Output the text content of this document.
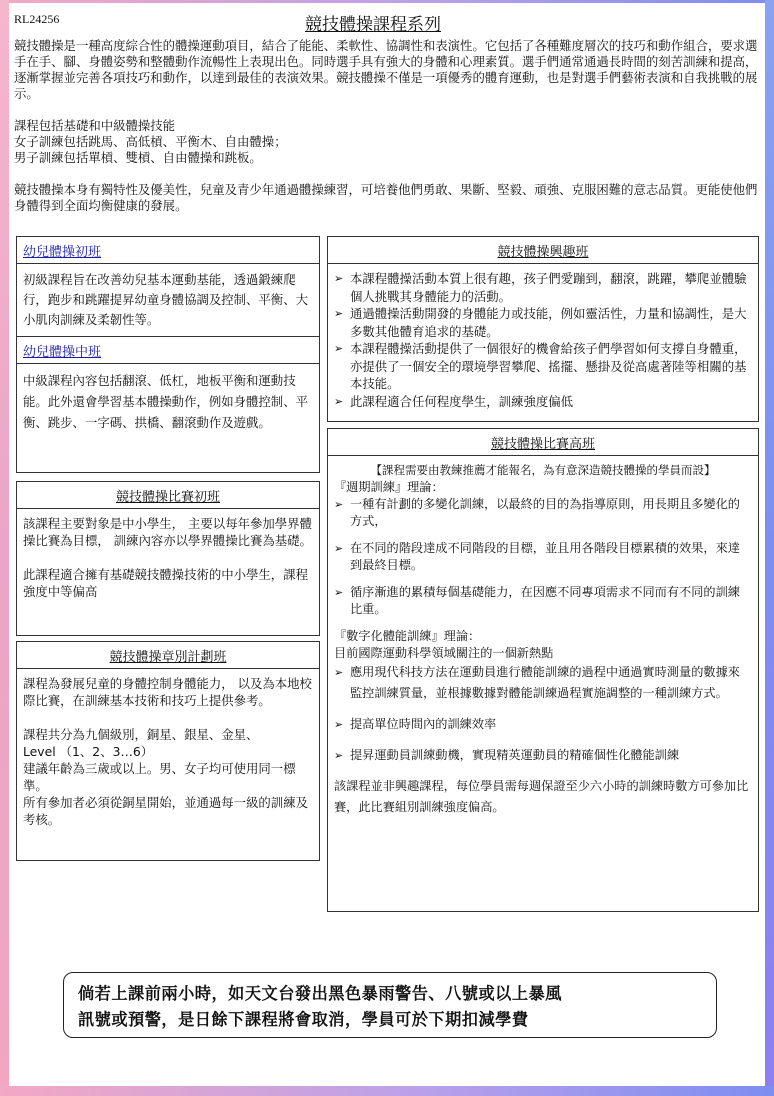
RL24256	競技體操課程系列

競技體操是一種高度綜合性的體操運動項目，結合了能能、柔軟性、協調性和表演性。它包括了各種難度層次的技巧和動作組合，要求選手在手、腳、身體姿勢和整體動作流暢性上表現出色。同時選手具有強大的身體和心理素質。選手們通常通過長時間的刻苦訓練和提高，逐漸掌握並完善各項技巧和動作，以達到最佳的表演效果。競技體操不僅是一項優秀的體育運動，也是對選手們藝術表演和自我挑戰的展示。

課程包括基礎和中級體操技能

女子訓練包括跳馬、高低槓、平衡木、自由體操；

男子訓練包括單槓、雙槓、自由體操和跳板。

競技體操本身有獨特性及優美性，兒童及青少年通過體操練習，可培養他們勇敢、果斷、堅毅、頑強、克服困難的意志品質。更能使他們身體得到全面均衡健康的發展。

幼兒體操初班

初級課程旨在改善幼兒基本運動基能，透過鍛練爬行，跑步和跳躍提昇幼童身體協調及控制、平衡、大小肌肉訓練及柔韌性等。

幼兒體操中班

中級課程內容包括翻滾、低杠，地板平衡和運動技能。此外還會學習基本體操動作，例如身體控制、平衡、跳步、一字碼、拱橋、翻滾動作及遊戲。

競技體操比賽初班

該課程主要對象是中小學生， 主要以每年參加學界體操比賽為目標， 訓練內容亦以學界體操比賽為基礎。

此課程適合擁有基礎競技體操技術的中小學生，課程強度中等偏高

競技體操章別計劃班

課程為發展兒童的身體控制身體能力， 以及為本地校際比賽，在訓練基本技術和技巧上提供參考。

課程共分為九個級別，銅星、銀星、金星、

Level （1、2、3…6）

建議年齡為三歲或以上。男、女子均可使用同一標準。

所有參加者必須從銅星開始，並通過每一級的訓練及考核。

競技體操興趣班
➢ 本課程體操活動本質上很有趣，孩子們愛蹦到，翻滾，跳躍，攀爬並體驗個人挑戰其身體能力的活動。
➢ 通過體操活動開發的身體能力或技能，例如靈活性，力量和協調性，是大多數其他體育追求的基礎。
➢ 本課程體操活動提供了一個很好的機會給孩子們學習如何支撐自身體重，亦提供了一個安全的環境學習攀爬、搖擺、懸掛及從高處著陸等相關的基本技能。
➢ 此課程適合任何程度學生，訓練強度偏低
競技體操比賽高班

【課程需要由教練推薦才能報名，為有意深造競技體操的學員而設】

『週期訓練』理論：

➢ 一種有計劃的多變化訓練，以最終的目的為指導原則，用長期且多變化的方式，
➢ 在不同的階段達成不同階段的目標，並且用各階段目標累積的效果，來達到最終目標。
➢ 循序漸進的累積每個基礎能力，在因應不同專項需求不同而有不同的訓練比重。

『數字化體能訓練』理論：

目前國際運動科學領域關注的一個新熱點

➢ 應用現代科技方法在運動員進行體能訓練的過程中通過實時測量的數據來監控訓練質量，並根據數據對體能訓練過程實施調整的一種訓練方式。
➢ 提高單位時間內的訓練效率
➢ 提昇運動員訓練動機，實現精英運動員的精確個性化體能訓練

該課程並非興趣課程，每位學員需每週保證至少六小時的訓練時數方可參加比賽，此比賽組別訓練強度偏高。

倘若上課前兩小時，如天文台發出黑色暴雨警告、八號或以上暴風
訊號或預警，是日餘下課程將會取消，學員可於下期扣減學費
